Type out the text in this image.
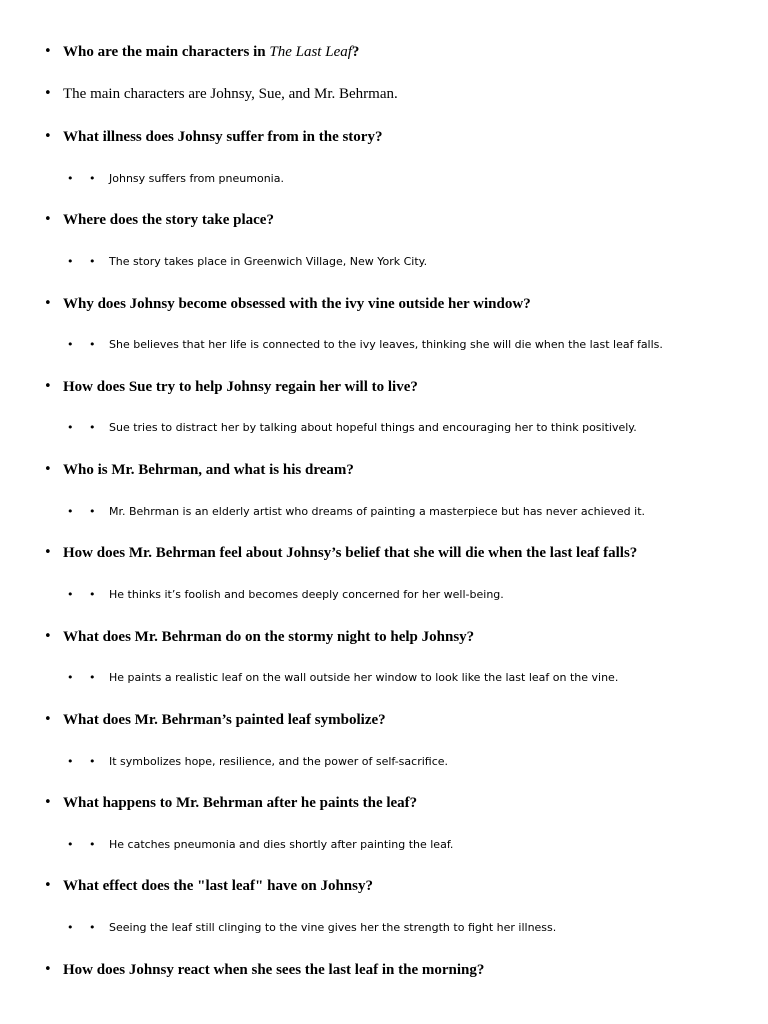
• Who are the main characters in The Last Leaf?
• The main characters are Johnsy, Sue, and Mr. Behrman.
• What illness does Johnsy suffer from in the story?
• • Johnsy suffers from pneumonia.
• Where does the story take place?
• • The story takes place in Greenwich Village, New York City.
• Why does Johnsy become obsessed with the ivy vine outside her window?
• • She believes that her life is connected to the ivy leaves, thinking she will die when the last leaf falls.
• How does Sue try to help Johnsy regain her will to live?
• • Sue tries to distract her by talking about hopeful things and encouraging her to think positively.
• Who is Mr. Behrman, and what is his dream?
• • Mr. Behrman is an elderly artist who dreams of painting a masterpiece but has never achieved it.
• How does Mr. Behrman feel about Johnsy’s belief that she will die when the last leaf falls?
• • He thinks it’s foolish and becomes deeply concerned for her well-being.
• What does Mr. Behrman do on the stormy night to help Johnsy?
• • He paints a realistic leaf on the wall outside her window to look like the last leaf on the vine.
• What does Mr. Behrman’s painted leaf symbolize?
• • It symbolizes hope, resilience, and the power of self-sacrifice.
• What happens to Mr. Behrman after he paints the leaf?
• • He catches pneumonia and dies shortly after painting the leaf.
• What effect does the "last leaf" have on Johnsy?
• • Seeing the leaf still clinging to the vine gives her the strength to fight her illness.
• How does Johnsy react when she sees the last leaf in the morning?
